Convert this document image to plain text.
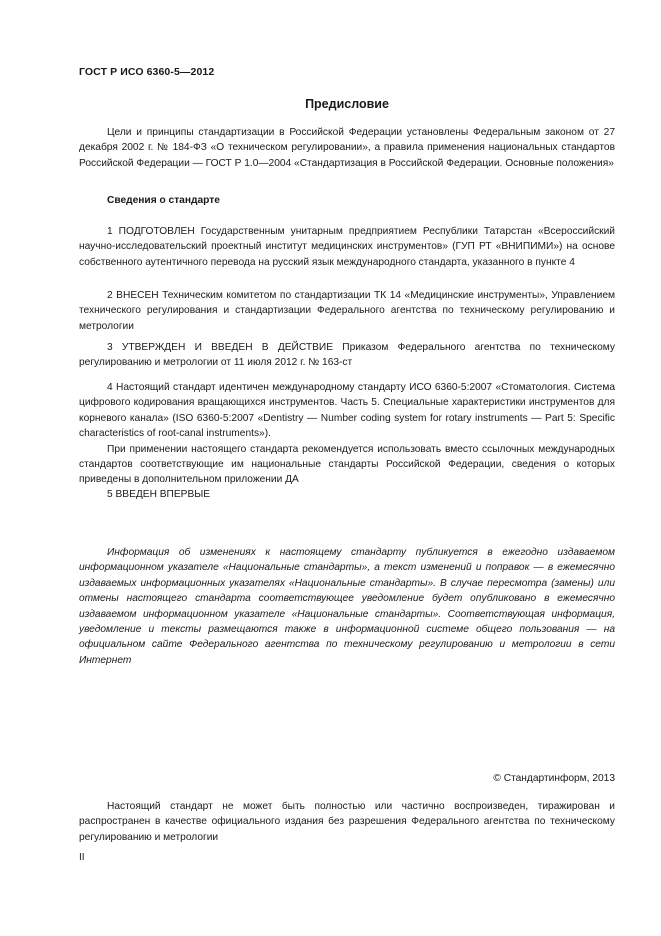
ГОСТ Р ИСО 6360-5—2012
Предисловие

Цели и принципы стандартизации в Российской Федерации установлены Федеральным законом от 27 декабря 2002 г. № 184-ФЗ «О техническом регулировании», а правила применения национальных стандартов Российской Федерации — ГОСТ Р 1.0—2004 «Стандартизация в Российской Федерации. Основные положения»

Сведения о стандарте

1 ПОДГОТОВЛЕН Государственным унитарным предприятием Республики Татарстан «Всероссийский научно-исследовательский проектный институт медицинских инструментов» (ГУП РТ «ВНИПИМИ») на основе собственного аутентичного перевода на русский язык международного стандарта, указанного в пункте 4

2 ВНЕСЕН Техническим комитетом по стандартизации ТК 14 «Медицинские инструменты», Управлением технического регулирования и стандартизации Федерального агентства по техническому регулированию и метрологии

3 УТВЕРЖДЕН И ВВЕДЕН В ДЕЙСТВИЕ Приказом Федерального агентства по техническому регулированию и метрологии от 11 июля 2012 г. № 163-ст

4 Настоящий стандарт идентичен международному стандарту ИСО 6360-5:2007 «Стоматология. Система цифрового кодирования вращающихся инструментов. Часть 5. Специальные характеристики инструментов для корневого канала» (ISO 6360-5:2007 «Dentistry — Number coding system for rotary instruments — Part 5: Specific characteristics of root-canal instruments»).

При применении настоящего стандарта рекомендуется использовать вместо ссылочных международных стандартов соответствующие им национальные стандарты Российской Федерации, сведения о которых приведены в дополнительном приложении ДА

5 ВВЕДЕН ВПЕРВЫЕ

Информация об изменениях к настоящему стандарту публикуется в ежегодно издаваемом информационном указателе «Национальные стандарты», а текст изменений и поправок — в ежемесячно издаваемых информационных указателях «Национальные стандарты». В случае пересмотра (замены) или отмены настоящего стандарта соответствующее уведомление будет опубликовано в ежемесячно издаваемом информационном указателе «Национальные стандарты». Соответствующая информация, уведомление и тексты размещаются также в информационной системе общего пользования — на официальном сайте Федерального агентства по техническому регулированию и метрологии в сети Интернет

© Стандартинформ, 2013

Настоящий стандарт не может быть полностью или частично воспроизведен, тиражирован и распространен в качестве официального издания без разрешения Федерального агентства по техническому регулированию и метрологии

II
